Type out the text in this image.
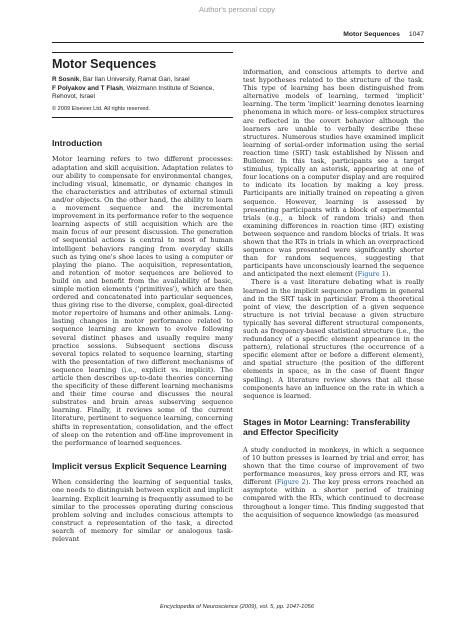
Author's personal copy
Motor Sequences 1047
Motor Sequences
R Sosnik, Bar Ilan University, Ramat Gan, Israel
F Polyakov and T Flash, Weizmann Institute of Science, Rehovot, Israel
© 2009 Elsevier Ltd. All rights reserved.
Introduction

Motor learning refers to two different processes: adaptation and skill acquisition. Adaptation relates to our ability to compensate for environmental changes, including visual, kinematic, or dynamic changes in the characteristics and attributes of external stimuli and/or objects. On the other hand, the ability to learn a movement sequence and the incremental improvement in its performance refer to the sequence learning aspects of still acquisition which are the main focus of our present discussion. The generation of sequential actions is central to most of human intelligent behaviors ranging from everyday skills such as tying one's shoe laces to using a computer or playing the piano. The acquisition, representation, and retention of motor sequences are believed to build on and benefit from the availability of basic, simple motion elements ('primitives'), which are then ordered and concatenated into particular sequences, thus giving rise to the diverse, complex, goal-directed motor repertoire of humans and other animals. Long-lasting changes in motor performance related to sequence learning are known to evolve following several distinct phases and usually require many practice sessions. Subsequent sections discuss several topics related to sequence learning, starting with the presentation of two different mechanisms of sequence learning (i.e., explicit vs. implicit). The article then describes up-to-date theories concerning the specificity of these different learning mechanisms and their time course and discusses the neural substrates and brain areas subserving sequence learning. Finally, it reviews some of the current literature, pertinent to sequence learning, concerning shifts in representation, consolidation, and the effect of sleep on the retention and off-line improvement in the performance of learned sequences.

Implicit versus Explicit Sequence Learning

When considering the learning of sequential tasks, one needs to distinguish between explicit and implicit learning. Explicit learning is frequently assumed to be similar to the processes operating during conscious problem solving and includes conscious attempts to construct a representation of the task, a directed search of memory for similar or analogous task-relevant

information, and conscious attempts to derive and test hypotheses related to the structure of the task. This type of learning has been distinguished from alternative models of learning, termed 'implicit' learning. The term 'implicit' learning denotes learning phenomena in which more- or less-complex structures are reflected in the covert behavior although the learners are unable to verbally describe these structures. Numerous studies have examined implicit learning of serial-order information using the serial reaction time (SRT) task established by Nissen and Bullemer. In this task, participants see a target stimulus, typically an asterisk, appearing at one of four locations on a computer display and are required to indicate its location by making a key press. Participants are initially trained on repeating a given sequence. However, learning is assessed by presenting participants with a block of experimental trials (e.g., a block of random trials) and then examining differences in reaction time (RT) existing between sequence and random blocks of trials. It was shown that the RTs in trials in which an overpracticed sequence was presented were significantly shorter than for random sequences, suggesting that participants have unconsciously learned the sequence and anticipated the next element (Figure 1).

There is a vast literature debating what is really learned in the implicit sequence paradigm in general and in the SRT task in particular. From a theoretical point of view, the description of a given sequence structure is not trivial because a given structure typically has several different structural components, such as frequency-based statistical structure (i.e., the redundancy of a specific element appearance in the pattern), relational structures (the occurrence of a specific element after or before a different element), and spatial structure (the position of the different elements in space, as in the case of fluent finger spelling). A literature review shows that all these components have an influence on the rate in which a sequence is learned.

Stages in Motor Learning: Transferability and Effector Specificity

A study conducted in monkeys, in which a sequence of 10 button presses is learned by trial and error, has shown that the time course of improvement of two performance measures, key press errors and RT, was different (Figure 2). The key press errors reached an asymptote within a shorter period of training compared with the RTs, which continued to decrease throughout a longer time. This finding suggested that the acquisition of sequence knowledge (as measured

Encyclopedia of Neuroscience (2009), vol. 5, pp. 1047-1056
